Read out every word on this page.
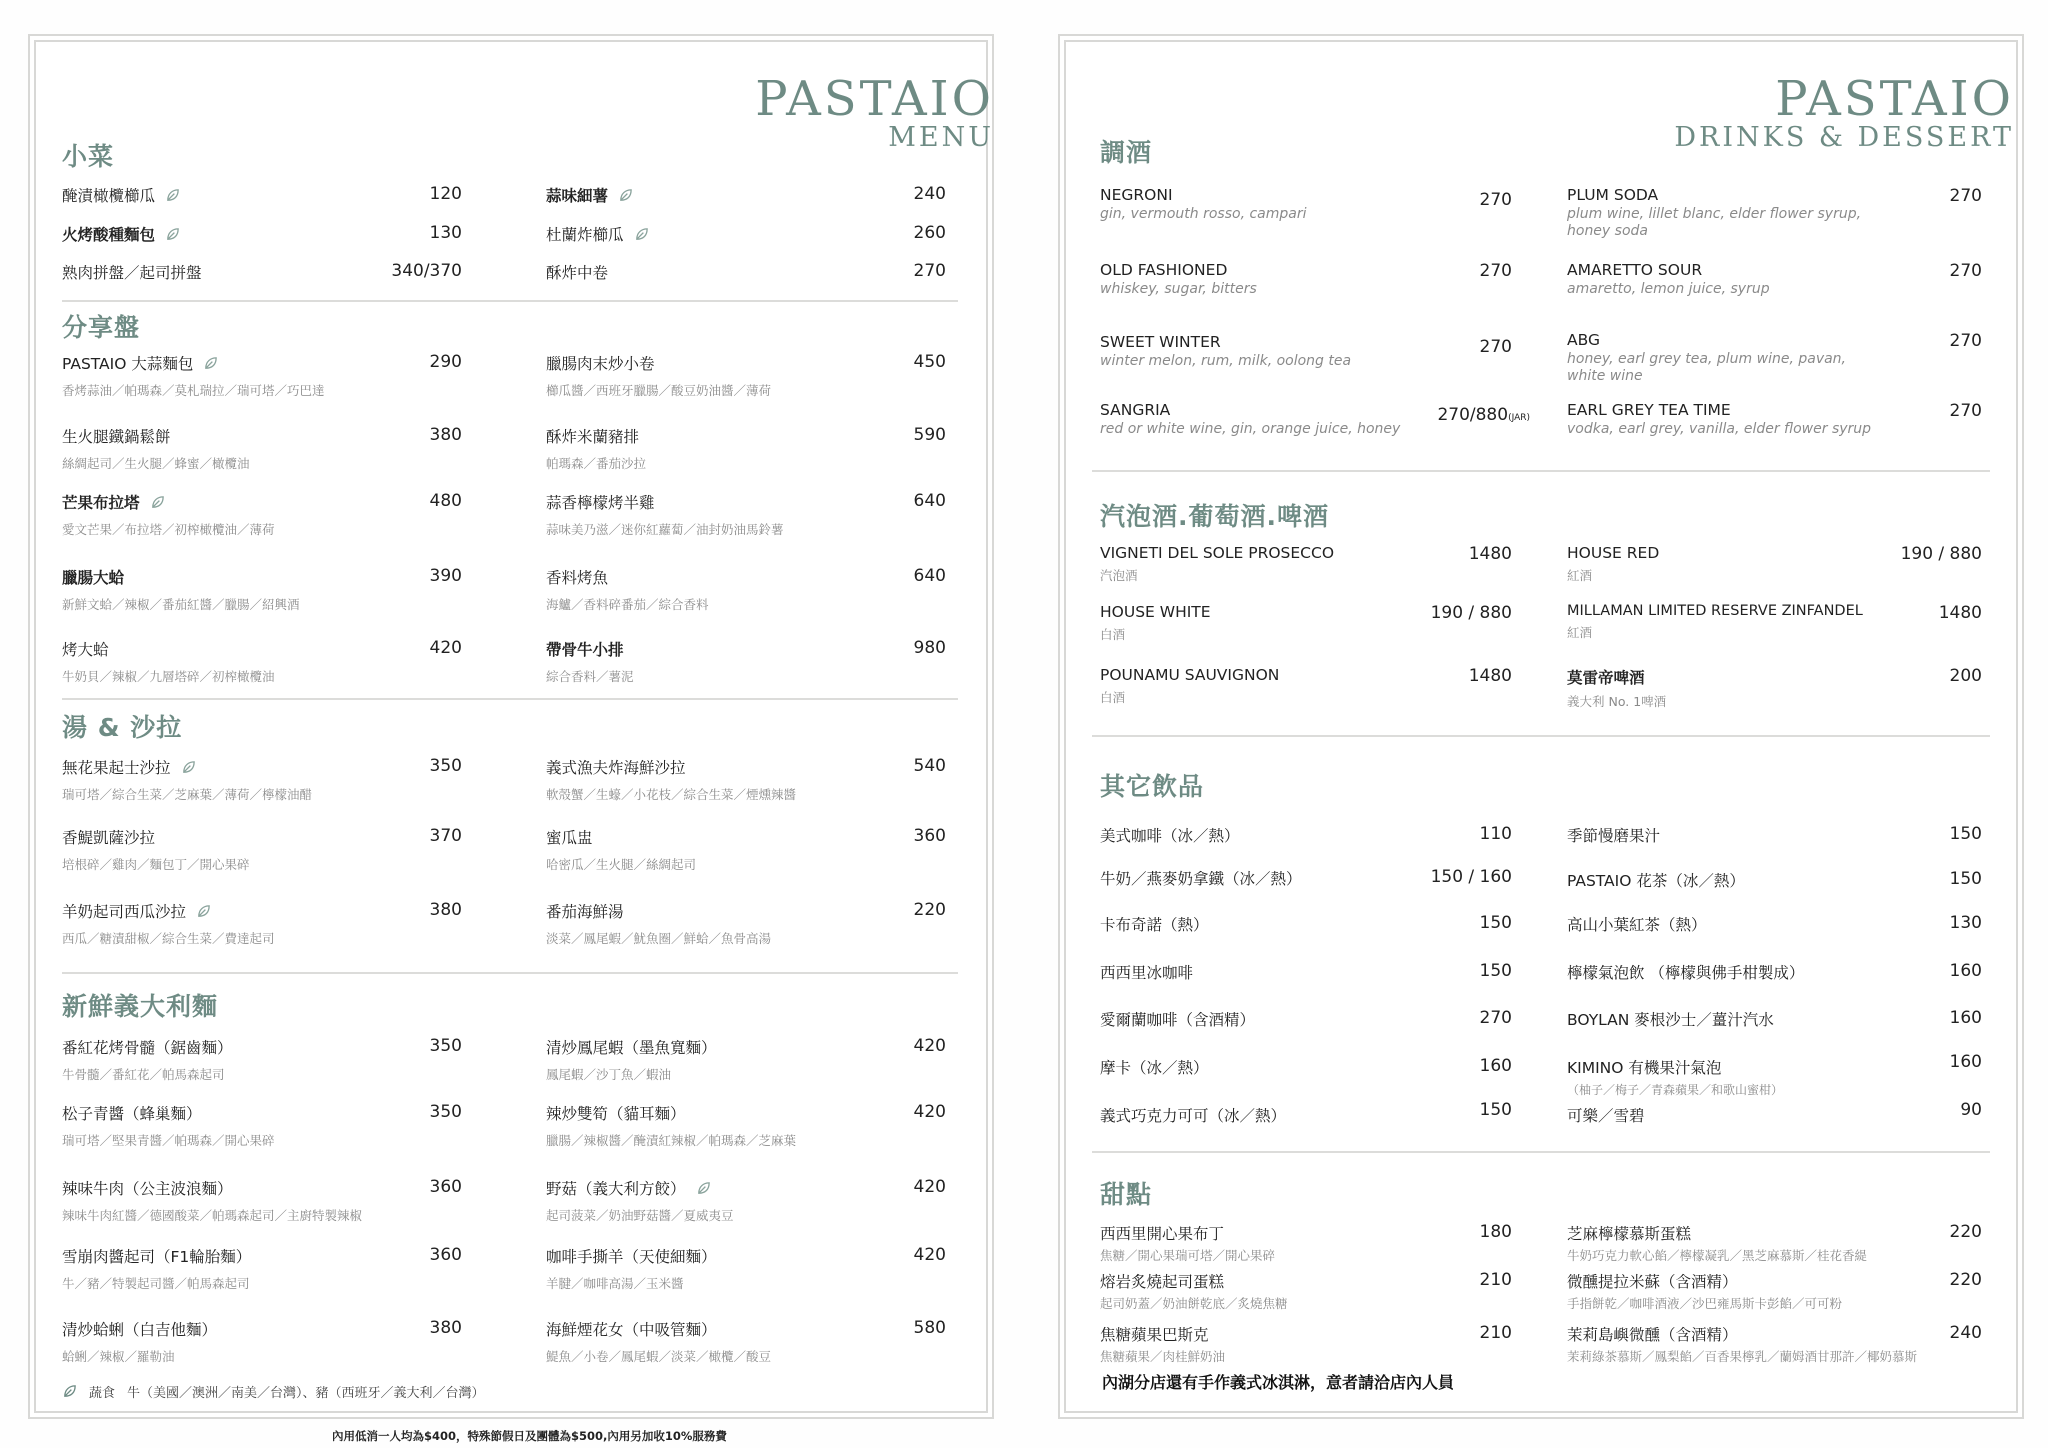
PASTAIO
MENU
小菜
醃漬橄欖櫛瓜	120
火烤酸種麵包	130
熟肉拼盤／起司拼盤	340/370
蒜味細薯	240
杜蘭炸櫛瓜	260
酥炸中卷	270
分享盤
PASTAIO 大蒜麵包
香烤蒜油／帕瑪森／莫札瑞拉／瑞可塔／巧巴達
290
生火腿鐵鍋鬆餅
絲綢起司／生火腿／蜂蜜／橄欖油
380
芒果布拉塔
愛文芒果／布拉塔／初榨橄欖油／薄荷
480
臘腸大蛤
新鮮文蛤／辣椒／番茄紅醬／臘腸／紹興酒
390
烤大蛤
牛奶貝／辣椒／九層塔碎／初榨橄欖油
420
臘腸肉末炒小卷
櫛瓜醬／西班牙臘腸／酸豆奶油醬／薄荷
450
酥炸米蘭豬排
帕瑪森／番茄沙拉
590
蒜香檸檬烤半雞
蒜味美乃滋／迷你紅蘿蔔／油封奶油馬鈴薯
640
香料烤魚
海鱸／香料碎番茄／綜合香料
640
帶骨牛小排
綜合香料／薯泥
980
湯 & 沙拉
無花果起士沙拉
瑞可塔／綜合生菜／芝麻葉／薄荷／檸檬油醋
350
香鯷凱薩沙拉
培根碎／雞肉／麵包丁／開心果碎
370
羊奶起司西瓜沙拉
西瓜／糖漬甜椒／綜合生菜／費達起司
380
義式漁夫炸海鮮沙拉
軟殼蟹／生蠔／小花枝／綜合生菜／煙燻辣醬
540
蜜瓜盅
哈密瓜／生火腿／絲綢起司
360
番茄海鮮湯
淡菜／鳳尾蝦／魷魚圈／鮮蛤／魚骨高湯
220
新鮮義大利麵
番紅花烤骨髓（鋸齒麵）
牛骨髓／番紅花／帕馬森起司
350
松子青醬（蜂巢麵）
瑞可塔／堅果青醬／帕瑪森／開心果碎
350
辣味牛肉（公主波浪麵）
辣味牛肉紅醬／德國酸菜／帕瑪森起司／主廚特製辣椒
360
雪崩肉醬起司（F1輪胎麵）
牛／豬／特製起司醬／帕馬森起司
360
清炒蛤蜊（白吉他麵）
蛤蜊／辣椒／羅勒油
380
清炒鳳尾蝦（墨魚寬麵）
鳳尾蝦／沙丁魚／蝦油
420
辣炒雙筍（貓耳麵）
臘腸／辣椒醬／醃漬紅辣椒／帕瑪森／芝麻葉
420
野菇（義大利方餃）
起司菠菜／奶油野菇醬／夏威夷豆
420
咖啡手撕羊（天使細麵）
羊腱／咖啡高湯／玉米醬
420
海鮮煙花女（中吸管麵）
鯷魚／小卷／鳳尾蝦／淡菜／橄欖／酸豆
580
蔬食 牛（美國／澳洲／南美／台灣）、豬（西班牙／義大利／台灣）
內用低消一人均為$400，特殊節假日及團體為$500,內用另加收10%服務費
PASTAIO
DRINKS & DESSERT
調酒
NEGRONI
gin, vermouth rosso, campari
270
OLD FASHIONED
whiskey, sugar, bitters
270
SWEET WINTER
winter melon, rum, milk, oolong tea
270
SANGRIA
red or white wine, gin, orange juice, honey
270/880(JAR)
PLUM SODA
plum wine, lillet blanc, elder flower syrup, honey soda
270
AMARETTO SOUR
amaretto, lemon juice, syrup
270
ABG
honey, earl grey tea, plum wine, pavan, white wine
270
EARL GREY TEA TIME
vodka, earl grey, vanilla, elder flower syrup
270
汽泡酒.葡萄酒.啤酒
VIGNETI DEL SOLE PROSECCO
汽泡酒
1480
HOUSE WHITE
白酒
190 / 880
POUNAMU SAUVIGNON
白酒
1480
HOUSE RED
紅酒
190 / 880
MILLAMAN LIMITED RESERVE ZINFANDEL
紅酒
1480
莫雷帝啤酒
義大利 No. 1啤酒
200
其它飲品
美式咖啡（冰／熱）	110
牛奶／燕麥奶拿鐵（冰／熱）	150 / 160
卡布奇諾（熱）	150
西西里冰咖啡	150
愛爾蘭咖啡（含酒精）	270
摩卡（冰／熱）	160
義式巧克力可可（冰／熱）	150
季節慢磨果汁	150
PASTAIO 花茶（冰／熱）	150
高山小葉紅茶（熱）	130
檸檬氣泡飲 （檸檬與佛手柑製成）	160
BOYLAN 麥根沙士／薑汁汽水	160
KIMINO 有機果汁氣泡
（柚子／梅子／青森蘋果／和歌山蜜柑）
160
可樂／雪碧	90
甜點
西西里開心果布丁
焦糖／開心果瑞可塔／開心果碎
180
熔岩炙燒起司蛋糕
起司奶蓋／奶油餅乾底／炙燒焦糖
210
焦糖蘋果巴斯克
焦糖蘋果／肉桂鮮奶油
210
芝麻檸檬慕斯蛋糕
牛奶巧克力軟心餡／檸檬凝乳／黑芝麻慕斯／桂花香緹
220
微醺提拉米蘇（含酒精）
手指餅乾／咖啡酒液／沙巴雍馬斯卡彭餡／可可粉
220
茉莉島嶼微醺（含酒精）
茉莉綠茶慕斯／鳳梨餡／百香果檸乳／蘭姆酒甘那許／椰奶慕斯
240
內湖分店還有手作義式冰淇淋，意者請洽店內人員
